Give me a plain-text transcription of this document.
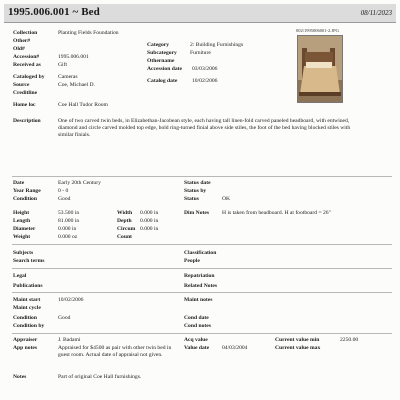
1995.006.001 ~ Bed	08/11/2023
002\1995006001-2.JPG
Collection	Planting Fields Foundation
Other#
Old#
Accession#	1995.006.001
Received as	Gift
Cataloged by Cameras
Source	Coe, Michael D.
Creditline
Home loc	Coe Hall Tudor Room
Category	2: Building Furnishings
Subcategory Furniture
Othername
Accession date 03/03/2006
Catalog date	10/02/2006
Description	One of two carved twin beds, in Elizabethan-Jacobean style, each having tall linen-fold carved paneled headboard, with entwined, diamond and circle carved molded top edge, bold ring-turned finial above side stiles, the foot of the bed having blocked stiles with similar finials.
Date	Early 20th Century
Year Range	0 - 0
Condition	Good
Status date
Status by
Status	OK
Height	53.500 in
Length	81.000 in
Diameter	0.000 in
Weight	0.000 oz
Width 0.000 in
Depth 0.000 in
Circum 0.000 in
Count
Dim Notes H is taken from headboard. H at footboard = 26"
Subjects
Search terms
Classification
People
Legal
Publications
Repatriation
Related Notes
Maint start	10/02/2006
Maint cycle
Condition	Good
Condition by
Maint notes
Cond date
Cond notes
Appraiser	J. Badami
App notes	Appraised for $4500 as pair with other twin bed in guest room. Actual date of appraisal not given.
Acq value
Value date 04/03/2004
Current value min	2250.00
Current value max
Notes	Part of original Coe Hall furnishings.
